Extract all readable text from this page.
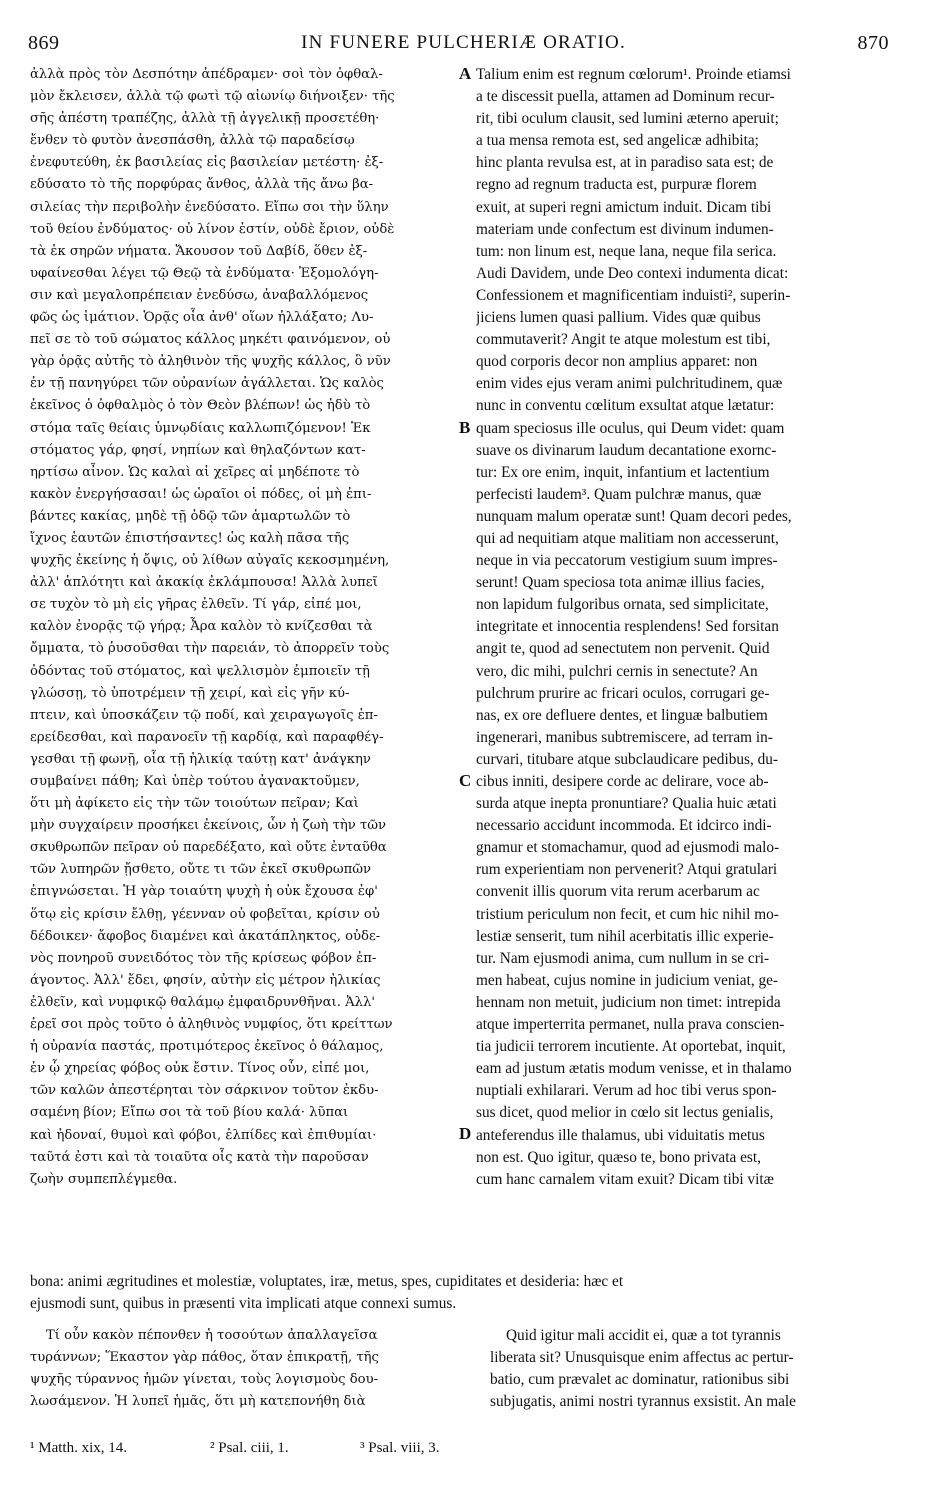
869	IN FUNERE PULCHERIÆ ORATIO.	870
ἀλλὰ πρὸς τὸν Δεσπότην ἀπέδραμεν· σοὶ τὸν ὀφθαλ-
μὸν ἔκλεισεν, ἀλλὰ τῷ φωτὶ τῷ αἰωνίῳ διήνοιξεν· τῆς
σῆς ἀπέστη τραπέζης, ἀλλὰ τῇ ἀγγελικῇ προσετέθη·
ἔνθεν τὸ φυτὸν ἀνεσπάσθη, ἀλλὰ τῷ παραδείσῳ
ἐνεφυτεύθη, ἐκ βασιλείας εἰς βασιλείαν μετέστη· ἐξ-
εδύσατο τὸ τῆς πορφύρας ἄνθος, ἀλλὰ τῆς ἄνω βα-
σιλείας τὴν περιβολὴν ἐνεδύσατο. Εἴπω σοι τὴν ὕλην
τοῦ θείου ἐνδύματος· οὐ λίνον ἐστίν, οὐδὲ ἔριον, οὐδὲ
τὰ ἐκ σηρῶν νήματα. Ἄκουσον τοῦ Δαβίδ, ὅθεν ἐξ-
υφαίνεσθαι λέγει τῷ Θεῷ τὰ ἐνδύματα· Ἐξομολόγη-
σιν καὶ μεγαλοπρέπειαν ἐνεδύσω, ἀναβαλλόμενος
φῶς ὡς ἱμάτιον. Ὁρᾷς οἷα ἀνθ' οἵων ἠλλάξατο; Λυ-
πεῖ σε τὸ τοῦ σώματος κάλλος μηκέτι φαινόμενον, οὐ
γὰρ ὁρᾷς αὐτῆς τὸ ἀληθινὸν τῆς ψυχῆς κάλλος, ὃ νῦν
ἐν τῇ πανηγύρει τῶν οὐρανίων ἀγάλλεται. Ὡς καλὸς
ἐκεῖνος ὁ ὀφθαλμὸς ὁ τὸν Θεὸν βλέπων! ὡς ἡδὺ τὸ
στόμα ταῖς θείαις ὑμνῳδίαις καλλωπιζόμενον! Ἐκ
στόματος γάρ, φησί, νηπίων καὶ θηλαζόντων κατ-
ηρτίσω αἶνον. Ὡς καλαὶ αἱ χεῖρες αἱ μηδέποτε τὸ
κακὸν ἐνεργήσασαι! ὡς ὡραῖοι οἱ πόδες, οἱ μὴ ἐπι-
βάντες κακίας, μηδὲ τῇ ὁδῷ τῶν ἁμαρτωλῶν τὸ
ἴχνος ἑαυτῶν ἐπιστήσαντες! ὡς καλὴ πᾶσα τῆς
ψυχῆς ἐκείνης ἡ ὄψις, οὐ λίθων αὐγαῖς κεκοσμημένη,
ἀλλ' ἁπλότητι καὶ ἀκακίᾳ ἐκλάμπουσα! Ἀλλὰ λυπεῖ
σε τυχὸν τὸ μὴ εἰς γῆρας ἐλθεῖν. Τί γάρ, εἰπέ μοι,
καλὸν ἐνορᾷς τῷ γήρᾳ; Ἆρα καλὸν τὸ κνίζεσθαι τὰ
ὄμματα, τὸ ῥυσοῦσθαι τὴν παρειάν, τὸ ἀπορρεῖν τοὺς
ὀδόντας τοῦ στόματος, καὶ ψελλισμὸν ἐμποιεῖν τῇ
γλώσσῃ, τὸ ὑποτρέμειν τῇ χειρί, καὶ εἰς γῆν κύ-
πτειν, καὶ ὑποσκάζειν τῷ ποδί, καὶ χειραγωγοῖς ἐπ-
ερείδεσθαι, καὶ παρανοεῖν τῇ καρδίᾳ, καὶ παραφθέγ-
γεσθαι τῇ φωνῇ, οἷα τῇ ἡλικίᾳ ταύτῃ κατ' ἀνάγκην
συμβαίνει πάθη; Καὶ ὑπὲρ τούτου ἀγανακτοῦμεν,
ὅτι μὴ ἀφίκετο εἰς τὴν τῶν τοιούτων πεῖραν; Καὶ
μὴν συγχαίρειν προσήκει ἐκείνοις, ὧν ἡ ζωὴ τὴν τῶν
σκυθρωπῶν πεῖραν οὐ παρεδέξατο, καὶ οὔτε ἐνταῦθα
τῶν λυπηρῶν ᾔσθετο, οὔτε τι τῶν ἐκεῖ σκυθρωπῶν
ἐπιγνώσεται. Ἡ γὰρ τοιαύτη ψυχὴ ἡ οὐκ ἔχουσα ἐφ'
ὅτῳ εἰς κρίσιν ἔλθῃ, γέενναν οὐ φοβεῖται, κρίσιν οὐ
δέδοικεν· ἄφοβος διαμένει καὶ ἀκατάπληκτος, οὐδε-
νὸς πονηροῦ συνειδότος τὸν τῆς κρίσεως φόβον ἐπ-
άγοντος. Ἀλλ' ἔδει, φησίν, αὐτὴν εἰς μέτρον ἡλικίας
ἐλθεῖν, καὶ νυμφικῷ θαλάμῳ ἐμφαιδρυνθῆναι. Ἀλλ'
ἐρεῖ σοι πρὸς τοῦτο ὁ ἀληθινὸς νυμφίος, ὅτι κρείττων
ἡ οὐρανία παστάς, προτιμότερος ἐκεῖνος ὁ θάλαμος,
ἐν ᾧ χηρείας φόβος οὐκ ἔστιν. Τίνος οὖν, εἰπέ μοι,
τῶν καλῶν ἀπεστέρηται τὸν σάρκινον τοῦτον ἐκδυ-
σαμένη βίον; Εἴπω σοι τὰ τοῦ βίου καλά· λῦπαι
καὶ ἡδοναί, θυμοὶ καὶ φόβοι, ἐλπίδες καὶ ἐπιθυμίαι·
ταῦτά ἐστι καὶ τὰ τοιαῦτα οἷς κατὰ τὴν παροῦσαν
ζωὴν συμπεπλέγμεθα.
Talium enim est regnum cœlorum¹. Proinde etiamsi
a te discessit puella, attamen ad Dominum recur-
rit, tibi oculum clausit, sed lumini æterno aperuit;
a tua mensa remota est, sed angelicæ adhibita;
hinc planta revulsa est, at in paradiso sata est; de
regno ad regnum traducta est, purpuræ florem
exuit, at superi regni amictum induit. Dicam tibi
materiam unde confectum est divinum indumen-
tum: non linum est, neque lana, neque fila serica.
Audi Davidem, unde Deo contexi indumenta dicat:
Confessionem et magnificentiam induisti², superin-
jiciens lumen quasi pallium. Vides quæ quibus
commutaverit? Angit te atque molestum est tibi,
quod corporis decor non amplius apparet: non
enim vides ejus veram animi pulchritudinem, quæ
nunc in conventu cœlitum exsultat atque lætatur:
quam speciosus ille oculus, qui Deum videt: quam
suave os divinarum laudum decantatione exornc-
tur: Ex ore enim, inquit, infantium et lactentium
perfecisti laudem³. Quam pulchræ manus, quæ
nunquam malum operatæ sunt! Quam decori pedes,
qui ad nequitiam atque malitiam non accesserunt,
neque in via peccatorum vestigium suum impres-
serunt! Quam speciosa tota animæ illius facies,
non lapidum fulgoribus ornata, sed simplicitate,
integritate et innocentia resplendens! Sed forsitan
angit te, quod ad senectutem non pervenit. Quid
vero, dic mihi, pulchri cernis in senectute? An
pulchrum prurire ac fricari oculos, corrugari ge-
nas, ex ore defluere dentes, et linguæ balbutiem
ingenerari, manibus subtremiscere, ad terram in-
curvari, titubare atque subclaudicare pedibus, du-
cibus inniti, desipere corde ac delirare, voce ab-
surda atque inepta pronuntiare? Qualia huic ætati
necessario accidunt incommoda. Et idcirco indi-
gnamur et stomachamur, quod ad ejusmodi malo-
rum experientiam non pervenerit? Atqui gratulari
convenit illis quorum vita rerum acerbarum ac
tristium periculum non fecit, et cum hic nihil mo-
lestiæ senserit, tum nihil acerbitatis illic experie-
tur. Nam ejusmodi anima, cum nullum in se cri-
men habeat, cujus nomine in judicium veniat, ge-
hennam non metuit, judicium non timet: intrepida
atque imperterrita permanet, nulla prava conscien-
tia judicii terrorem incutiente. At oportebat, inquit,
eam ad justum ætatis modum venisse, et in thalamo
nuptiali exhilarari. Verum ad hoc tibi verus spon-
sus dicet, quod melior in cœlo sit lectus genialis,
anteferendus ille thalamus, ubi viduitatis metus
non est. Quo igitur, quæso te, bono privata est,
cum hanc carnalem vitam exuit? Dicam tibi vitæ
A
B
C
D
bona: animi ægritudines et molestiæ, voluptates, iræ, metus, spes, cupiditates et desideria: hæc et
ejusmodi sunt, quibus in præsenti vita implicati atque connexi sumus.
Τί οὖν κακὸν πέπονθεν ἡ τοσούτων ἀπαλλαγεῖσα
τυράννων; Ἕκαστον γὰρ πάθος, ὅταν ἐπικρατῇ, τῆς
ψυχῆς τύραννος ἡμῶν γίνεται, τοὺς λογισμοὺς δου-
λωσάμενον. Ἡ λυπεῖ ἡμᾶς, ὅτι μὴ κατεπονήθη διὰ
Quid igitur mali accidit ei, quæ a tot tyrannis
liberata sit? Unusquisque enim affectus ac pertur-
batio, cum prævalet ac dominatur, rationibus sibi
subjugatis, animi nostri tyrannus exsistit. An male
¹ Matth. xix, 14.	² Psal. ciii, 1.	³ Psal. viii, 3.
